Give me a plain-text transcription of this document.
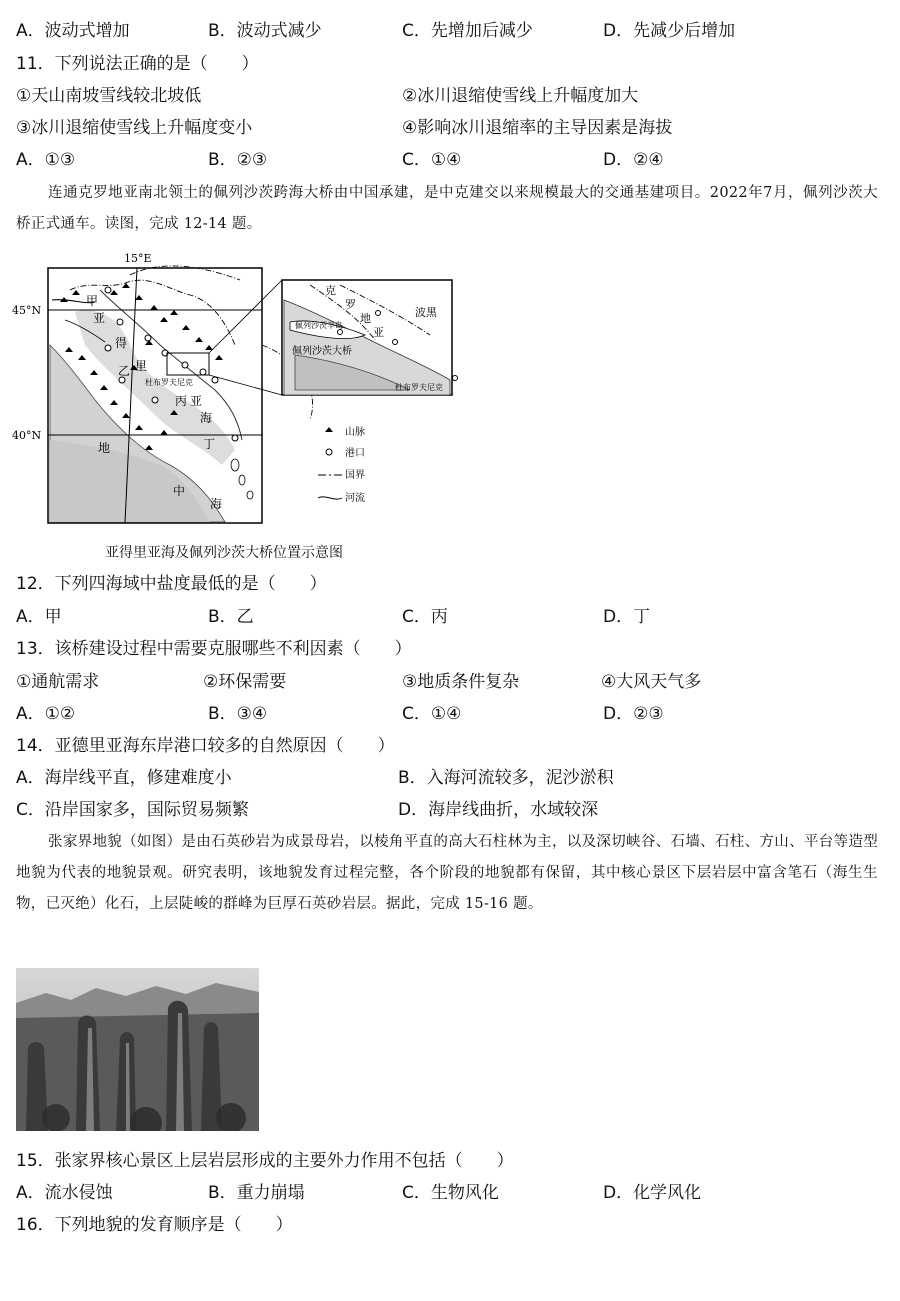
A．波动式增加	B．波动式减少	C．先增加后减少	D．先减少后增加
11．下列说法正确的是（　　）
①天山南坡雪线较北坡低	②冰川退缩使雪线上升幅度加大
③冰川退缩使雪线上升幅度变小	④影响冰川退缩率的主导因素是海拔
A．①③	B．②③	C．①④	D．②④
连通克罗地亚南北领土的佩列沙茨跨海大桥由中国承建，是中克建交以来规模最大的交通基建项目。2022年7月，佩列沙茨大桥正式通车。读图，完成 12-14 题。
15°E
45°N
40°N
甲
乙
丙
丁
亚
得
里
亚
海
地
中
海
杜布罗夫尼克
克
罗
地
亚
波黑
佩列沙茨半岛
佩列沙茨大桥
杜布罗夫尼克
山脉
港口
国界
河流
亚得里亚海及佩列沙茨大桥位置示意图
12．下列四海域中盐度最低的是（　　）
A．甲	B．乙	C．丙	D．丁
13．该桥建设过程中需要克服哪些不利因素（　　）
①通航需求	②环保需要	③地质条件复杂	④大风天气多
A．①②	B．③④	C．①④	D．②③
14．亚德里亚海东岸港口较多的自然原因（　　）
A．海岸线平直，修建难度小	B．入海河流较多，泥沙淤积
C．沿岸国家多，国际贸易频繁	D．海岸线曲折，水域较深
张家界地貌（如图）是由石英砂岩为成景母岩，以棱角平直的高大石柱林为主，以及深切峡谷、石墙、石柱、方山、平台等造型地貌为代表的地貌景观。研究表明，该地貌发育过程完整，各个阶段的地貌都有保留，其中核心景区下层岩层中富含笔石（海生生物，已灭绝）化石，上层陡峻的群峰为巨厚石英砂岩层。据此，完成 15-16 题。
15．张家界核心景区上层岩层形成的主要外力作用不包括（　　）
A．流水侵蚀	B．重力崩塌	C．生物风化	D．化学风化
16．下列地貌的发育顺序是（　　）
